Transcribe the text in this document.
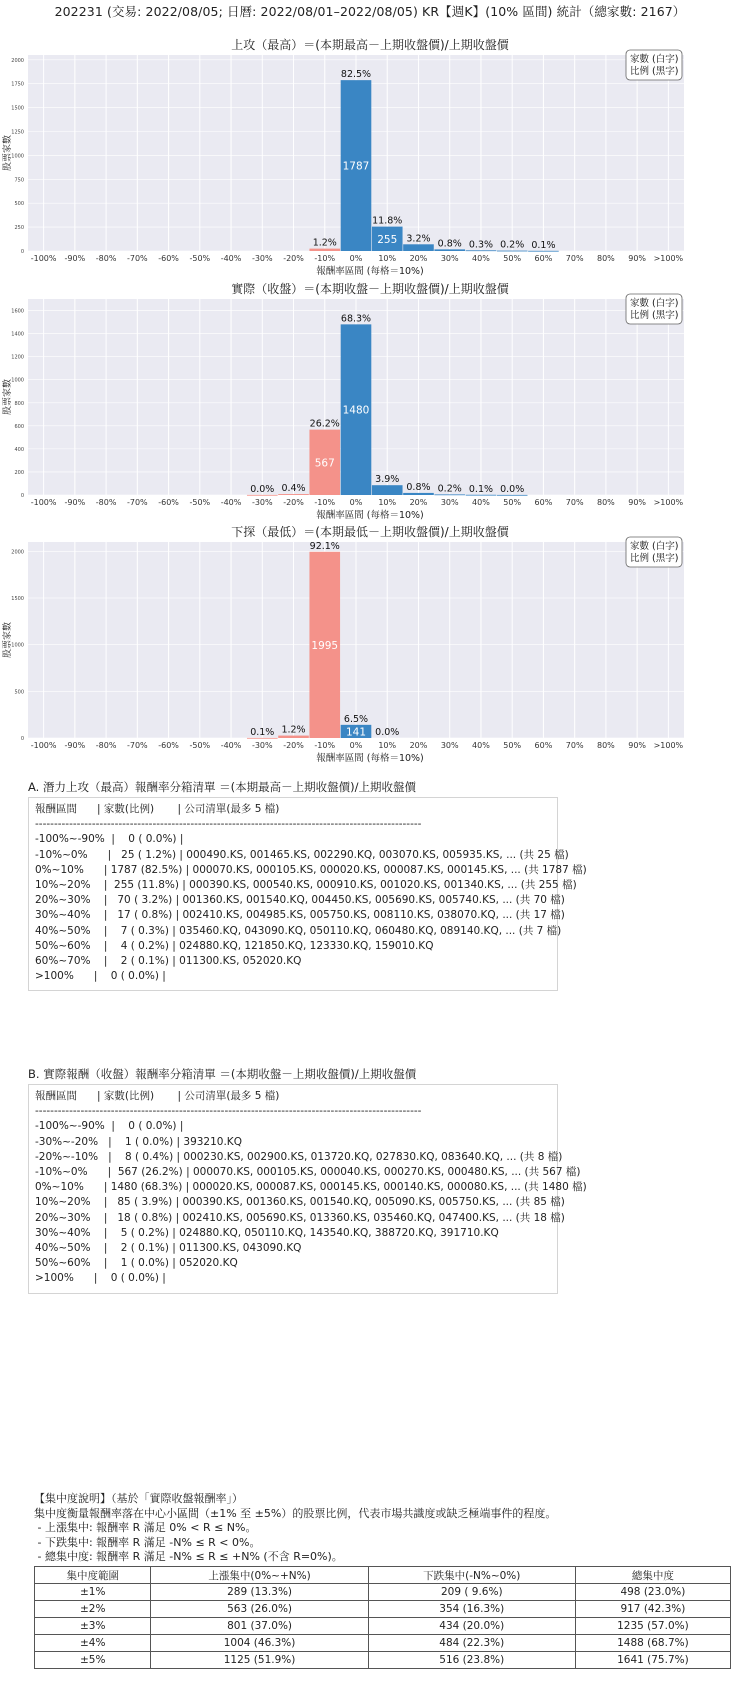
202231 (交易: 2022/08/05; 日曆: 2022/08/01–2022/08/05) KR【週K】(10% 區間) 統計（總家數: 2167）
上攻（最高）＝(本期最高－上期收盤價)/上期收盤價
0
250
500
750
1000
1250
1500
1750
2000
股票家數
1.2%
82.5%
1787
11.8%
255 3.2% 0.8% 0.3% 0.2% 0.1%
-100% -90% -80% -70% -60% -50% -40% -30% -20% -10% 0% 10% 20% 30% 40% 50% 60% 70% 80% 90% >100%
報酬率區間 (每格＝10%)
家數 (白字)
比例 (黑字)
實際（收盤）＝(本期收盤－上期收盤價)/上期收盤價
0
200
400
600
800
1000
1200
1400
1600
股票家數
0.0% 0.4%
26.2%
567
68.3%
1480
3.9%
0.8% 0.2% 0.1% 0.0%
-100% -90% -80% -70% -60% -50% -40% -30% -20% -10% 0% 10% 20% 30% 40% 50% 60% 70% 80% 90% >100%
報酬率區間 (每格＝10%)
家數 (白字)
比例 (黑字)
下探（最低）＝(本期最低－上期收盤價)/上期收盤價
0
500
1000
1500
2000
股票家數
0.1% 1.2%
92.1%
1995
6.5%
141 0.0%
-100% -90% -80% -70% -60% -50% -40% -30% -20% -10% 0% 10% 20% 30% 40% 50% 60% 70% 80% 90% >100%
報酬率區間 (每格＝10%)
家數 (白字)
比例 (黑字)
A. 潛力上攻（最高）報酬率分箱清單 ＝(本期最高－上期收盤價)/上期收盤價
報酬區間      | 家數(比例)       | 公司清單(最多 5 檔)
------------------------------------------------------------------------------------------------------
-100%~-90%  |    0 ( 0.0%) |
-10%~0%      |   25 ( 1.2%) | 000490.KS, 001465.KS, 002290.KQ, 003070.KS, 005935.KS, ... (共 25 檔)
0%~10%      | 1787 (82.5%) | 000070.KS, 000105.KS, 000020.KS, 000087.KS, 000145.KS, ... (共 1787 檔)
10%~20%    |  255 (11.8%) | 000390.KS, 000540.KS, 000910.KS, 001020.KS, 001340.KS, ... (共 255 檔)
20%~30%    |   70 ( 3.2%) | 001360.KS, 001540.KQ, 004450.KS, 005690.KS, 005740.KS, ... (共 70 檔)
30%~40%    |   17 ( 0.8%) | 002410.KS, 004985.KS, 005750.KS, 008110.KS, 038070.KQ, ... (共 17 檔)
40%~50%    |    7 ( 0.3%) | 035460.KQ, 043090.KQ, 050110.KQ, 060480.KQ, 089140.KQ, ... (共 7 檔)
50%~60%    |    4 ( 0.2%) | 024880.KQ, 121850.KQ, 123330.KQ, 159010.KQ
60%~70%    |    2 ( 0.1%) | 011300.KS, 052020.KQ
>100%      |    0 ( 0.0%) |
B. 實際報酬（收盤）報酬率分箱清單 ＝(本期收盤－上期收盤價)/上期收盤價
報酬區間      | 家數(比例)       | 公司清單(最多 5 檔)
------------------------------------------------------------------------------------------------------
-100%~-90%  |    0 ( 0.0%) |
-30%~-20%   |    1 ( 0.0%) | 393210.KQ
-20%~-10%   |    8 ( 0.4%) | 000230.KS, 002900.KS, 013720.KQ, 027830.KQ, 083640.KQ, ... (共 8 檔)
-10%~0%      |  567 (26.2%) | 000070.KS, 000105.KS, 000040.KS, 000270.KS, 000480.KS, ... (共 567 檔)
0%~10%      | 1480 (68.3%) | 000020.KS, 000087.KS, 000145.KS, 000140.KS, 000080.KS, ... (共 1480 檔)
10%~20%    |   85 ( 3.9%) | 000390.KS, 001360.KS, 001540.KQ, 005090.KS, 005750.KS, ... (共 85 檔)
20%~30%    |   18 ( 0.8%) | 002410.KS, 005690.KS, 013360.KS, 035460.KQ, 047400.KS, ... (共 18 檔)
30%~40%    |    5 ( 0.2%) | 024880.KQ, 050110.KQ, 143540.KQ, 388720.KQ, 391710.KQ
40%~50%    |    2 ( 0.1%) | 011300.KS, 043090.KQ
50%~60%    |    1 ( 0.0%) | 052020.KQ
>100%      |    0 ( 0.0%) |
【集中度說明】（基於「實際收盤報酬率」）
集中度衡量報酬率落在中心小區間（±1% 至 ±5%）的股票比例，代表市場共識度或缺乏極端事件的程度。
- 上漲集中: 報酬率 R 滿足 0% < R ≤ N%。
- 下跌集中: 報酬率 R 滿足 -N% ≤ R < 0%。
- 總集中度: 報酬率 R 滿足 -N% ≤ R ≤ +N% (不含 R=0%)。
集中度範圍	上漲集中(0%~+N%)	下跌集中(-N%~0%)	總集中度
±1%	289 (13.3%)	209 ( 9.6%)	498 (23.0%)
±2%	563 (26.0%)	354 (16.3%)	917 (42.3%)
±3%	801 (37.0%)	434 (20.0%)	1235 (57.0%)
±4%	1004 (46.3%)	484 (22.3%)	1488 (68.7%)
±5%	1125 (51.9%)	516 (23.8%)	1641 (75.7%)
